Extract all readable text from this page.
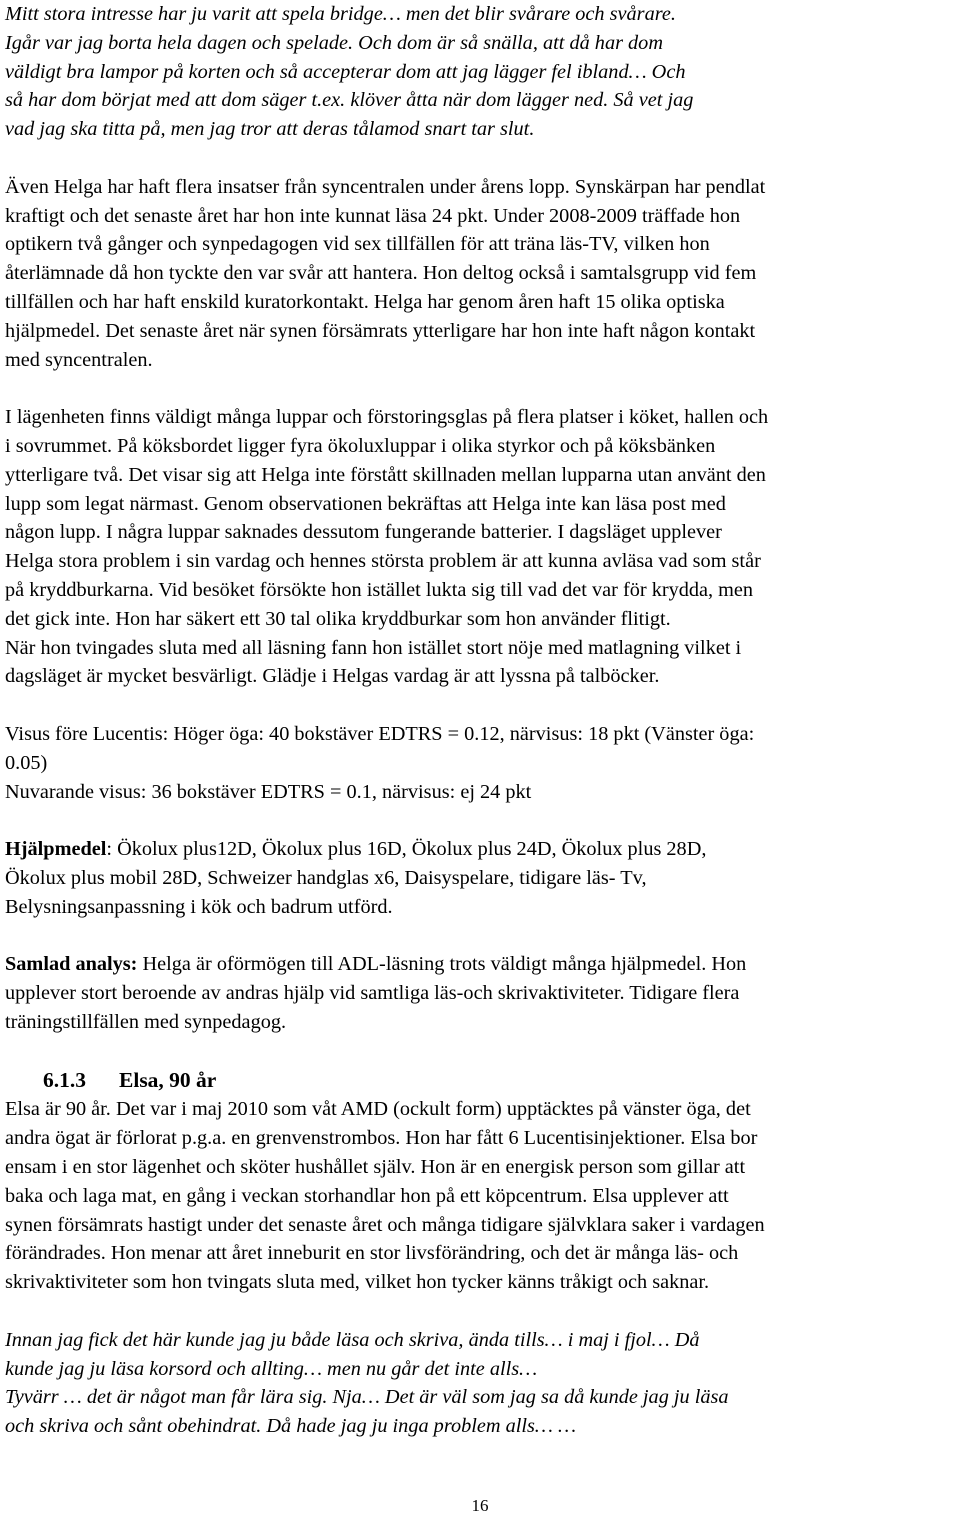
Mitt stora intresse har ju varit att spela bridge… men det blir svårare och svårare.

Igår var jag borta hela dagen och spelade. Och dom är så snälla, att då har dom

väldigt bra lampor på korten och så accepterar dom att jag lägger fel ibland… Och

så har dom börjat med att dom säger t.ex. klöver åtta när dom lägger ned. Så vet jag

vad jag ska titta på, men jag tror att deras tålamod snart tar slut.

Även Helga har haft flera insatser från syncentralen under årens lopp. Synskärpan har pendlat

kraftigt och det senaste året har hon inte kunnat läsa 24 pkt. Under 2008-2009 träffade hon

optikern två gånger och synpedagogen vid sex tillfällen för att träna läs-TV, vilken hon

återlämnade då hon tyckte den var svår att hantera. Hon deltog också i samtalsgrupp vid fem

tillfällen och har haft enskild kuratorkontakt. Helga har genom åren haft 15 olika optiska

hjälpmedel. Det senaste året när synen försämrats ytterligare har hon inte haft någon kontakt

med syncentralen.

I lägenheten finns väldigt många luppar och förstoringsglas på flera platser i köket, hallen och

i sovrummet. På köksbordet ligger fyra ökoluxluppar i olika styrkor och på köksbänken

ytterligare två. Det visar sig att Helga inte förstått skillnaden mellan lupparna utan använt den

lupp som legat närmast. Genom observationen bekräftas att Helga inte kan läsa post med

någon lupp. I några luppar saknades dessutom fungerande batterier. I dagsläget upplever

Helga stora problem i sin vardag och hennes största problem är att kunna avläsa vad som står

på kryddburkarna. Vid besöket försökte hon istället lukta sig till vad det var för krydda, men

det gick inte. Hon har säkert ett 30 tal olika kryddburkar som hon använder flitigt.

När hon tvingades sluta med all läsning fann hon istället stort nöje med matlagning vilket i

dagsläget är mycket besvärligt. Glädje i Helgas vardag är att lyssna på talböcker.

Visus före Lucentis: Höger öga: 40 bokstäver EDTRS = 0.12, närvisus: 18 pkt (Vänster öga:

0.05)

Nuvarande visus: 36 bokstäver EDTRS = 0.1, närvisus: ej 24 pkt

Hjälpmedel: Ökolux plus12D, Ökolux plus 16D, Ökolux plus 24D, Ökolux plus 28D,

Ökolux plus mobil 28D, Schweizer handglas x6, Daisyspelare, tidigare läs- Tv,

Belysningsanpassning i kök och badrum utförd.

Samlad analys: Helga är oförmögen till ADL-läsning trots väldigt många hjälpmedel. Hon

upplever stort beroende av andras hjälp vid samtliga läs-och skrivaktiviteter. Tidigare flera

träningstillfällen med synpedagog.

6.1.3 Elsa, 90 år

Elsa är 90 år. Det var i maj 2010 som våt AMD (ockult form) upptäcktes på vänster öga, det

andra ögat är förlorat p.g.a. en grenvenstrombos. Hon har fått 6 Lucentisinjektioner. Elsa bor

ensam i en stor lägenhet och sköter hushållet själv. Hon är en energisk person som gillar att

baka och laga mat, en gång i veckan storhandlar hon på ett köpcentrum. Elsa upplever att

synen försämrats hastigt under det senaste året och många tidigare självklara saker i vardagen

förändrades. Hon menar att året inneburit en stor livsförändring, och det är många läs- och

skrivaktiviteter som hon tvingats sluta med, vilket hon tycker känns tråkigt och saknar.

Innan jag fick det här kunde jag ju både läsa och skriva, ända tills… i maj i fjol… Då

kunde jag ju läsa korsord och allting… men nu går det inte alls…

Tyvärr … det är något man får lära sig. Nja… Det är väl som jag sa då kunde jag ju läsa

och skriva och sånt obehindrat. Då hade jag ju inga problem alls… …

16
